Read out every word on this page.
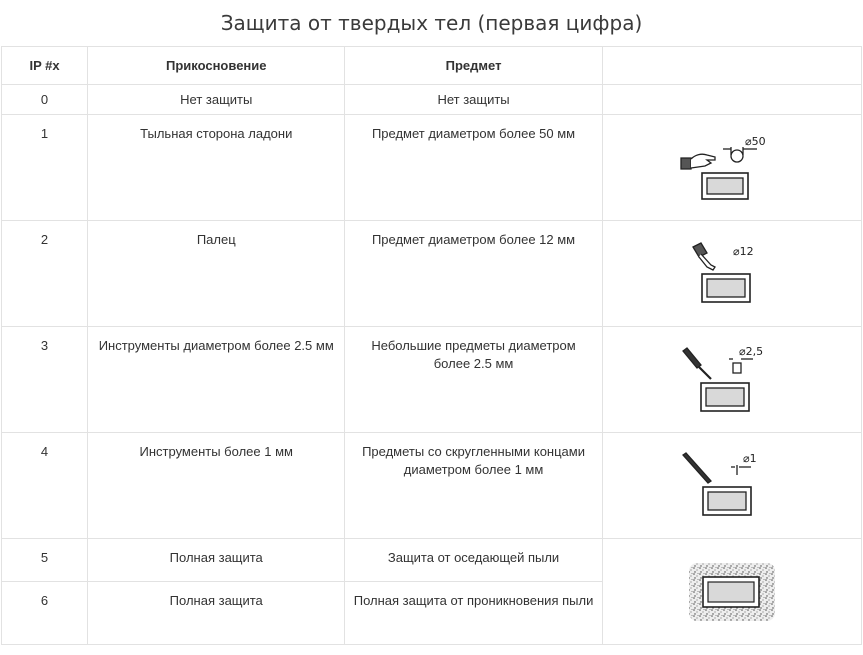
Защита от твердых тел (первая цифра)
IP #x	Прикосновение	Предмет	
0	Нет защиты	Нет защиты	
1	Тыльная сторона ладони	Предмет диаметром более 50 мм	⌀50

2	Палец	Предмет диаметром более 12 мм	⌀12

3	Инструменты диаметром более 2.5 мм	Небольшие предметы диаметром более 2.5 мм	⌀2,5

4	Инструменты более 1 мм	Предметы со скругленными концами диаметром более 1 мм	⌀1

5	Полная защита	Защита от оседающей пыли	

6	Полная защита	Полная защита от проникновения пыли	
